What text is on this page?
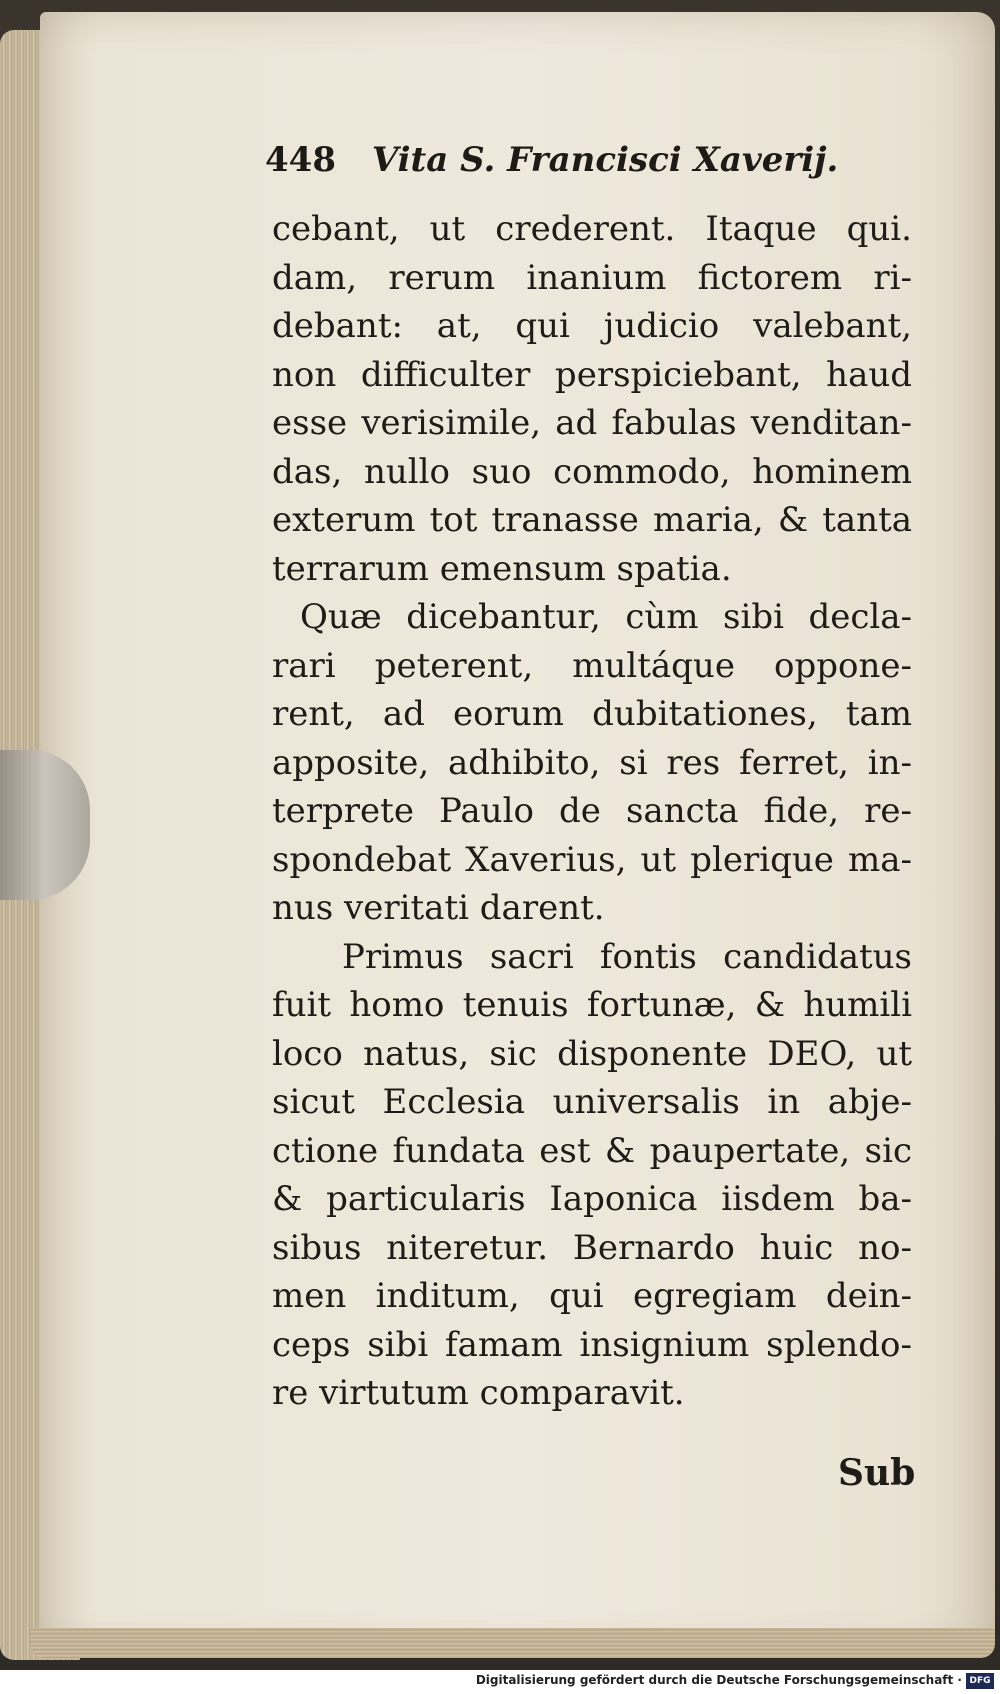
448 Vita S. Francisci Xaverij.
cebant, ut crederent. Itaque qui.
dam, rerum inanium fictorem ri-
debant: at, qui judicio valebant,
non difficulter perspiciebant, haud
esse verisimile, ad fabulas venditan-
das, nullo suo commodo, hominem
exterum tot tranasse maria, & tanta
terrarum emensum spatia.
Quæ dicebantur, cùm sibi decla-
rari peterent, multáque oppone-
rent, ad eorum dubitationes, tam
apposite, adhibito, si res ferret, in-
terprete Paulo de sancta fide, re-
spondebat Xaverius, ut plerique ma-
nus veritati darent.
Primus sacri fontis candidatus
fuit homo tenuis fortunæ, & humili
loco natus, sic disponente DEO, ut
sicut Ecclesia universalis in abje-
ctione fundata est & paupertate, sic
& particularis Iaponica iisdem ba-
sibus niteretur. Bernardo huic no-
men inditum, qui egregiam dein-
ceps sibi famam insignium splendo-
re virtutum comparavit.
Sub
Digitalisierung gefördert durch die Deutsche Forschungsgemeinschaft · DFG
